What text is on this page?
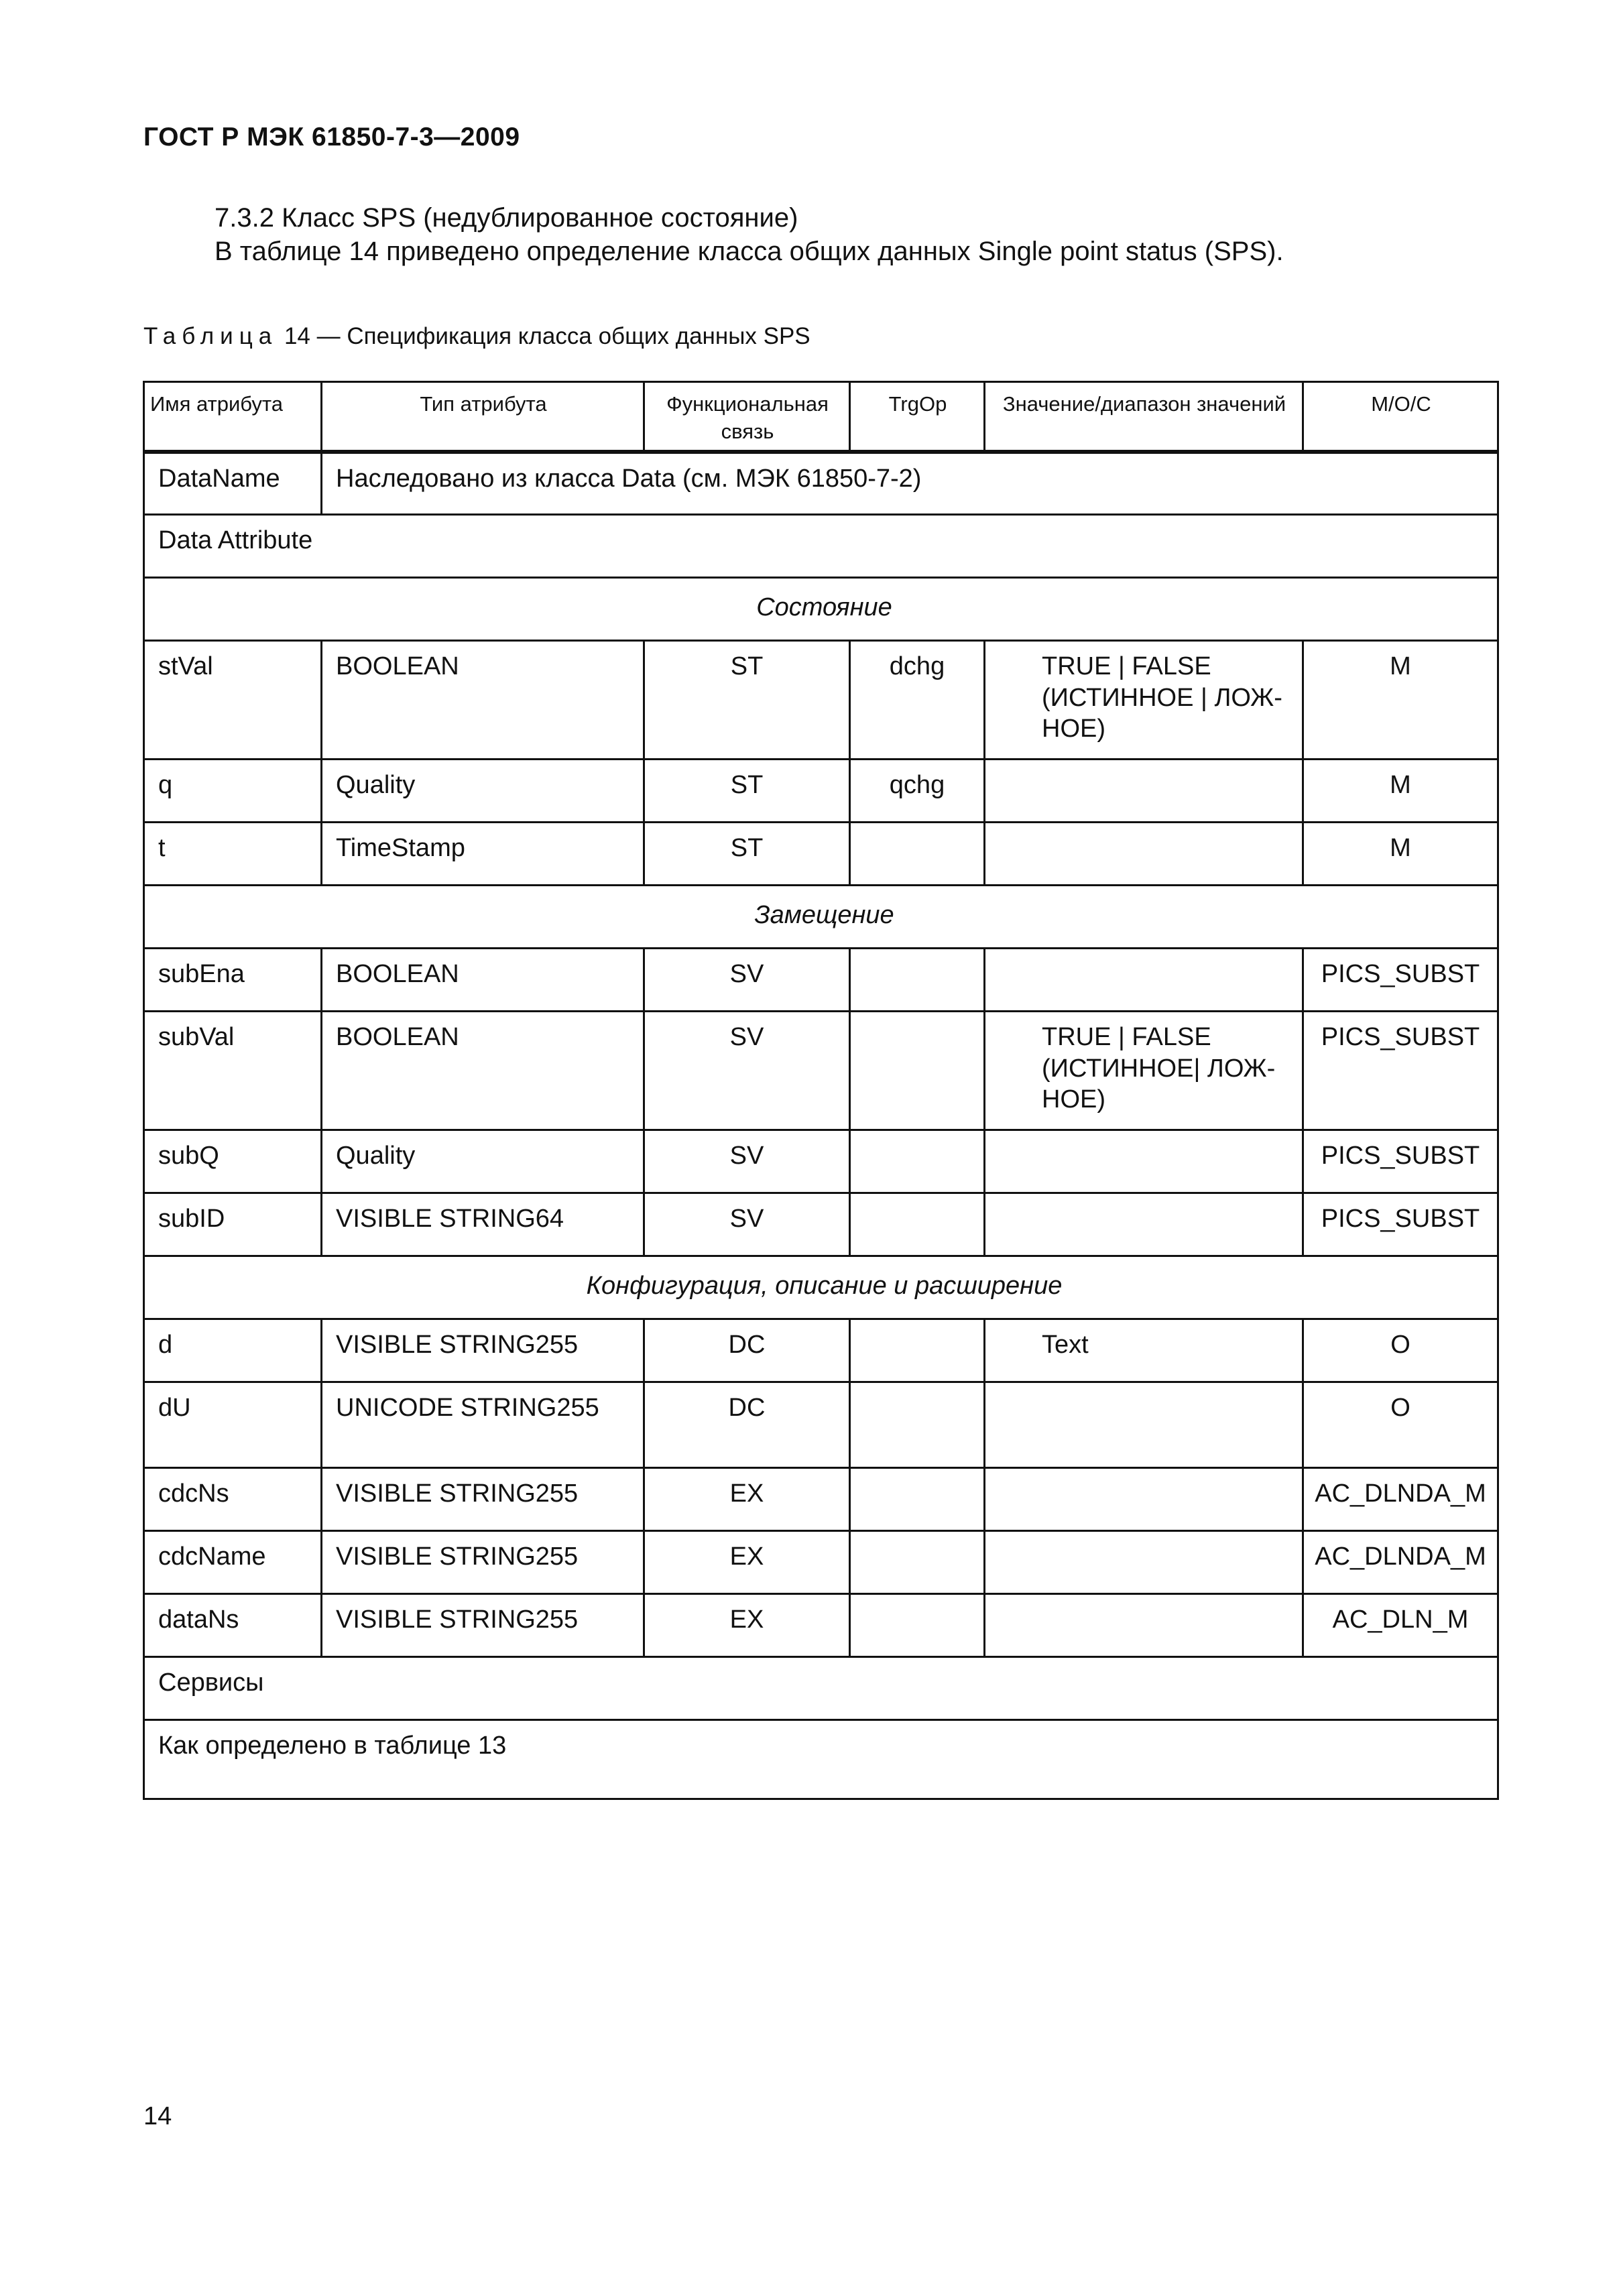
ГОСТ Р МЭК 61850-7-3—2009
7.3.2 Класс SPS (недублированное состояние)
В таблице 14 приведено определение класса общих данных Single point status (SPS).
Таблица 14 — Спецификация класса общих данных SPS
Имя атрибута	Тип атрибута	Функциональная связь	TrgOp	Значение/диапазон значений	M/O/C
DataName	Наследовано из класса Data (см. МЭК 61850-7-2)				
Data Attribute					
Состояние					
stVal	BOOLEAN	ST	dchg	TRUE | FALSE (ИСТИННОЕ | ЛОЖ-НОЕ)	M
q	Quality	ST	qchg		M
t	TimeStamp	ST			M
Замещение					
subEna	BOOLEAN	SV			PICS_SUBST
subVal	BOOLEAN	SV		TRUE | FALSE (ИСТИННОЕ| ЛОЖ-НОЕ)	PICS_SUBST
subQ	Quality	SV			PICS_SUBST
subID	VISIBLE STRING64	SV			PICS_SUBST
Конфигурация, описание и расширение					
d	VISIBLE STRING255	DC		Text	O
dU	UNICODE STRING255	DC			O
cdcNs	VISIBLE STRING255	EX			AC_DLNDA_M
cdcName	VISIBLE STRING255	EX			AC_DLNDA_M
dataNs	VISIBLE STRING255	EX			AC_DLN_M
Сервисы					
Как определено в таблице 13					
14
